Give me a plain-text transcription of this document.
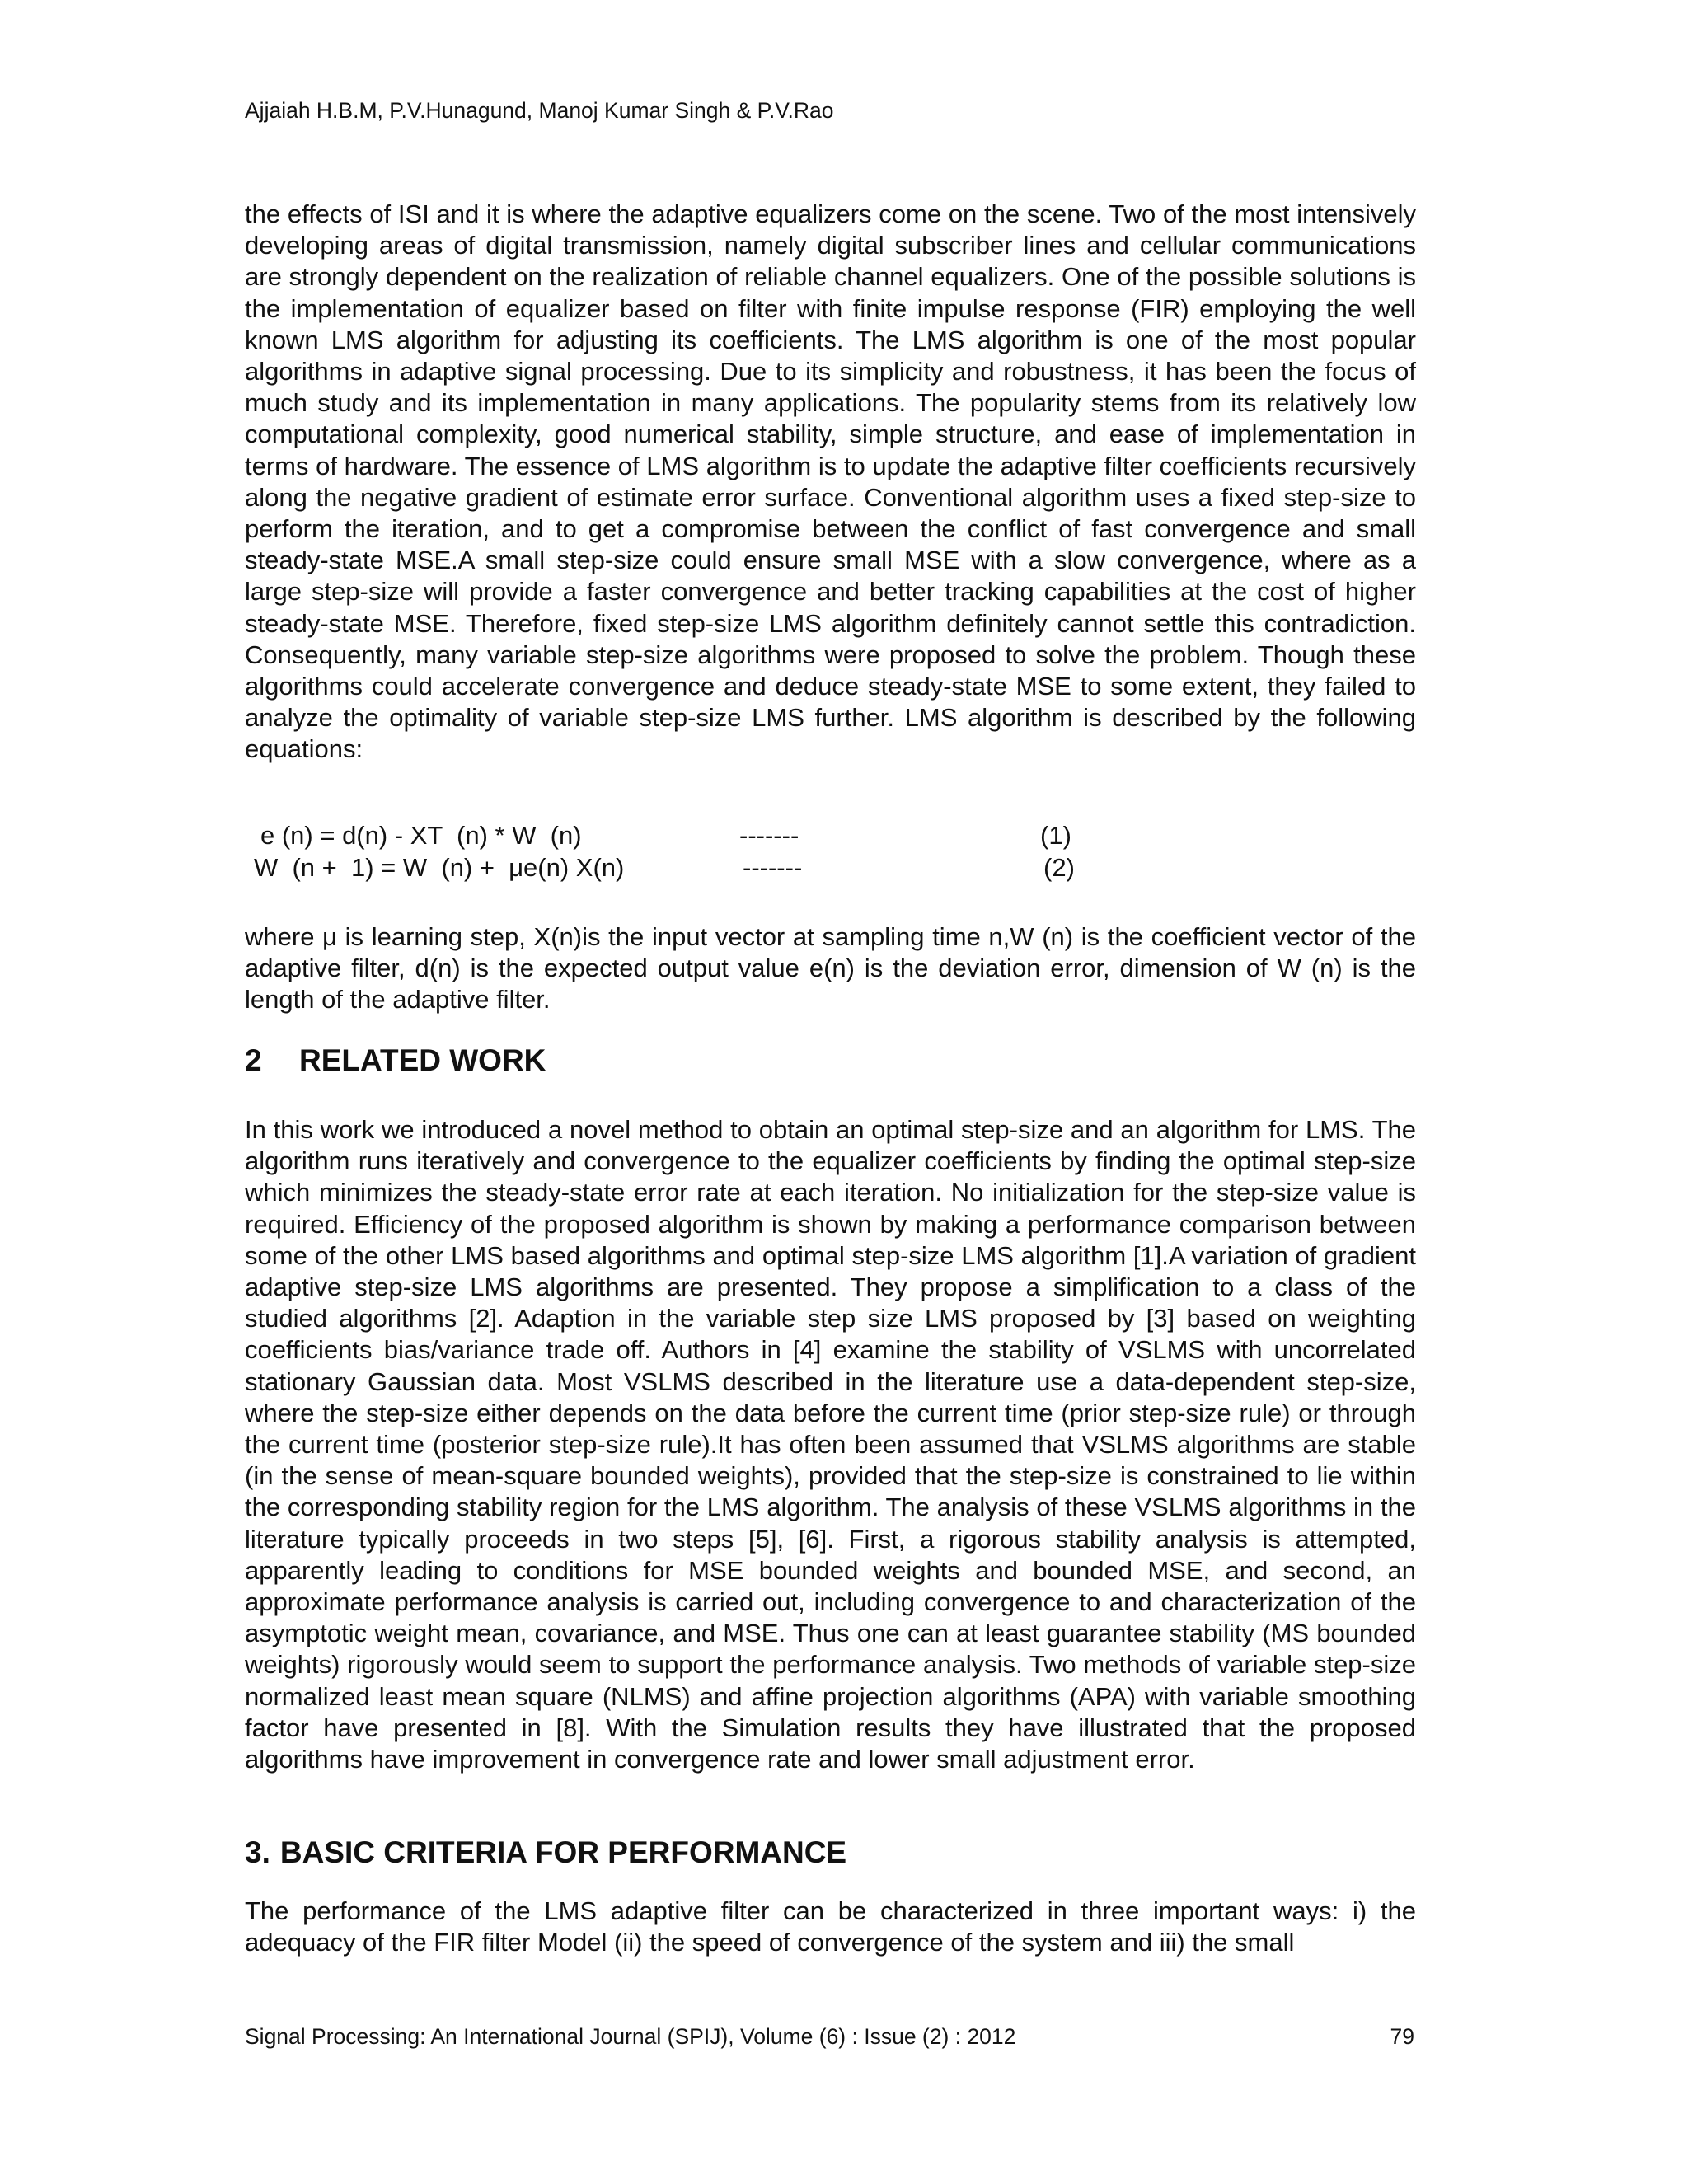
Ajjaiah H.B.M, P.V.Hunagund, Manoj Kumar Singh & P.V.Rao
the effects of ISI and it is where the adaptive equalizers come on the scene. Two of the most intensively developing areas of digital transmission, namely digital subscriber lines and cellular communications are strongly dependent on the realization of reliable channel equalizers. One of the possible solutions is the implementation of equalizer based on filter with finite impulse response (FIR) employing the well known LMS algorithm for adjusting its coefficients. The LMS algorithm is one of the most popular algorithms in adaptive signal processing. Due to its simplicity and robustness, it has been the focus of much study and its implementation in many applications. The popularity stems from its relatively low computational complexity, good numerical stability, simple structure, and ease of implementation in terms of hardware. The essence of LMS algorithm is to update the adaptive filter coefficients recursively along the negative gradient of estimate error surface. Conventional algorithm uses a fixed step-size to perform the iteration, and to get a compromise between the conflict of fast convergence and small steady-state MSE.A small step-size could ensure small MSE with a slow convergence, where as a large step-size will provide a faster convergence and better tracking capabilities at the cost of higher steady-state MSE. Therefore, fixed step-size LMS algorithm definitely cannot settle this contradiction. Consequently, many variable step-size algorithms were proposed to solve the problem. Though these algorithms could accelerate convergence and deduce steady-state MSE to some extent, they failed to analyze the optimality of variable step-size LMS further. LMS algorithm is described by the following equations:
e (n) = d(n) - XT  (n) * W  (n)	-------	(1)
W  (n +  1) = W  (n) +  μe(n) X(n)	-------	(2)
where μ is learning step, X(n)is the input vector at sampling time n,W (n) is the coefficient vector of the adaptive filter, d(n) is the expected output value e(n) is the deviation error, dimension of W (n) is the length of the adaptive filter.
2 RELATED WORK
In this work we introduced a novel method to obtain an optimal step-size and an algorithm for LMS. The algorithm runs iteratively and convergence to the equalizer coefficients by finding the optimal step-size which minimizes the steady-state error rate at each iteration. No initialization for the step-size value is required. Efficiency of the proposed algorithm is shown by making a performance comparison between some of the other LMS based algorithms and optimal step-size LMS algorithm [1].A variation of gradient adaptive step-size LMS algorithms are presented. They propose a simplification to a class of the studied algorithms [2]. Adaption in the variable step size LMS proposed by [3] based on weighting coefficients bias/variance trade off. Authors in [4] examine the stability of VSLMS with uncorrelated stationary Gaussian data. Most VSLMS described in the literature use a data-dependent step-size, where the step-size either depends on the data before the current time (prior step-size rule) or through the current time (posterior step-size rule).It has often been assumed that VSLMS algorithms are stable (in the sense of mean-square bounded weights), provided that the step-size is constrained to lie within the corresponding stability region for the LMS algorithm. The analysis of these VSLMS algorithms in the literature typically proceeds in two steps [5], [6]. First, a rigorous stability analysis is attempted, apparently leading to conditions for MSE bounded weights and bounded MSE, and second, an approximate performance analysis is carried out, including convergence to and characterization of the asymptotic weight mean, covariance, and MSE. Thus one can at least guarantee stability (MS bounded weights) rigorously would seem to support the performance analysis. Two methods of variable step-size normalized least mean square (NLMS) and affine projection algorithms (APA) with variable smoothing factor have presented in [8]. With the Simulation results they have illustrated that the proposed algorithms have improvement in convergence rate and lower small adjustment error.
3. BASIC CRITERIA FOR PERFORMANCE
The performance of the LMS adaptive filter can be characterized in three important ways: i) the adequacy of the FIR filter Model (ii) the speed of convergence of the system and iii) the small
Signal Processing: An International Journal (SPIJ), Volume (6) : Issue (2) : 2012	79
